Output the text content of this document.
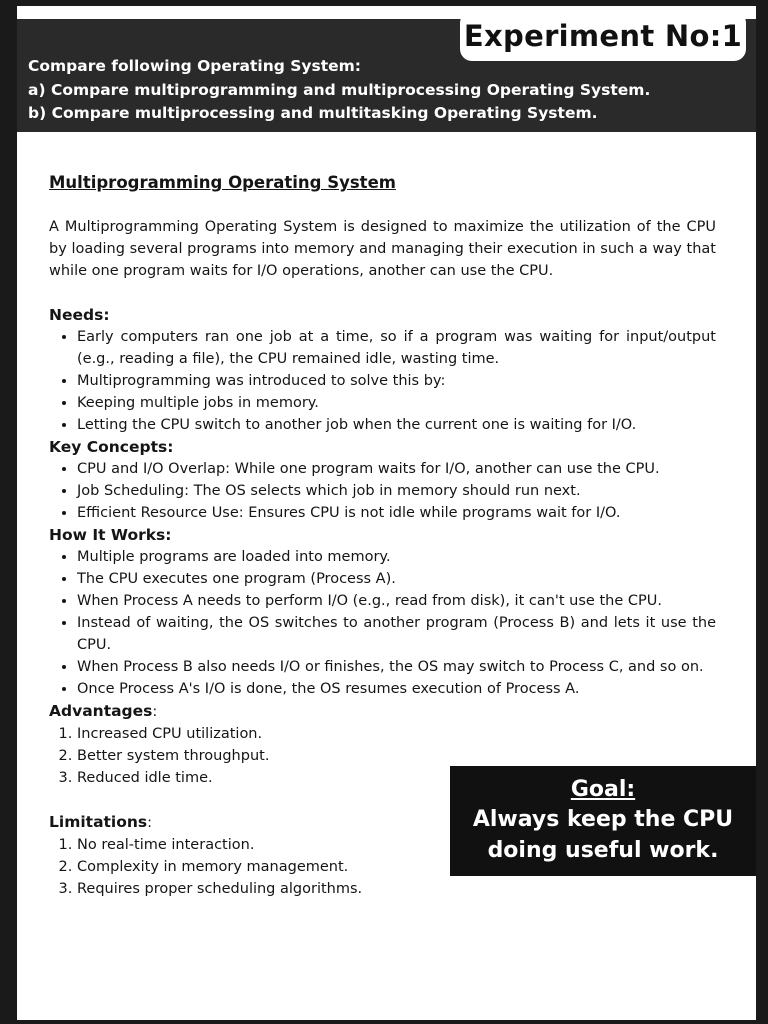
Experiment No:1
Compare following Operating System:
a) Compare multiprogramming and multiprocessing Operating System.
b) Compare multiprocessing and multitasking Operating System.
Multiprogramming Operating System
A Multiprogramming Operating System is designed to maximize the utilization of the CPU by loading several programs into memory and managing their execution in such a way that while one program waits for I/O operations, another can use the CPU.
Needs:
• Early computers ran one job at a time, so if a program was waiting for input/output (e.g., reading a file), the CPU remained idle, wasting time.
• Multiprogramming was introduced to solve this by:
• Keeping multiple jobs in memory.
• Letting the CPU switch to another job when the current one is waiting for I/O.
Key Concepts:
• CPU and I/O Overlap: While one program waits for I/O, another can use the CPU.
• Job Scheduling: The OS selects which job in memory should run next.
• Efficient Resource Use: Ensures CPU is not idle while programs wait for I/O.
How It Works:
• Multiple programs are loaded into memory.
• The CPU executes one program (Process A).
• When Process A needs to perform I/O (e.g., read from disk), it can't use the CPU.
• Instead of waiting, the OS switches to another program (Process B) and lets it use the CPU.
• When Process B also needs I/O or finishes, the OS may switch to Process C, and so on.
• Once Process A's I/O is done, the OS resumes execution of Process A.
Advantages:
1. Increased CPU utilization.
2. Better system throughput.
3. Reduced idle time.
Limitations:
1. No real-time interaction.
2. Complexity in memory management.
3. Requires proper scheduling algorithms.
Goal:
Always keep the CPU doing useful work.
